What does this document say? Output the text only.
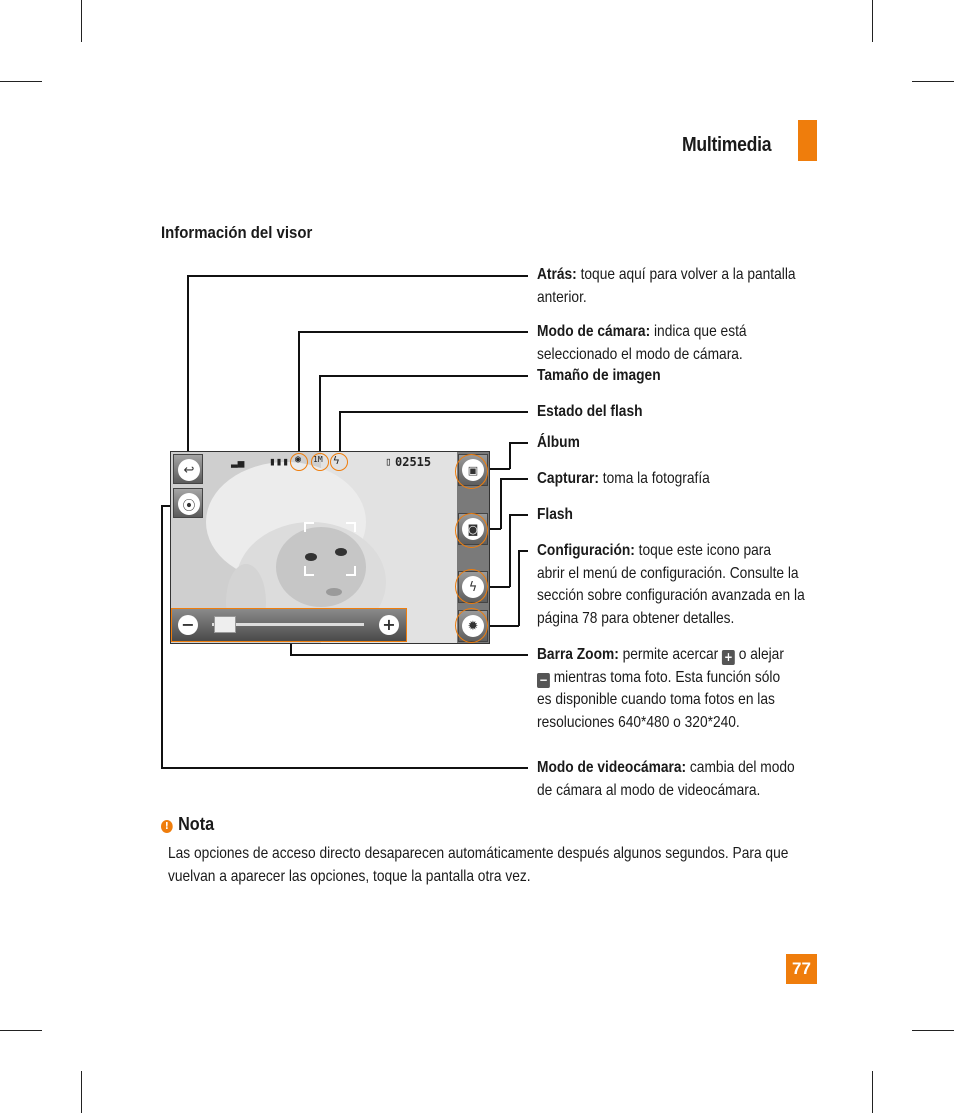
Multimedia
Información del visor
↩
⦿
▂▄ ▮▮▮ ◉ 1M ϟ	▯ 02515
▣
◙
ϟ
✹
−	+
Atrás: toque aquí para volver a la pantalla
anterior.
Modo de cámara: indica que está
seleccionado el modo de cámara.
Tamaño de imagen
Estado del flash
Álbum
Capturar: toma la fotografía
Flash
Configuración: toque este icono para
abrir el menú de configuración. Consulte la
sección sobre configuración avanzada en la
página 78 para obtener detalles.
Barra Zoom: permite acercar + o alejar
− mientras toma foto. Esta función sólo
es disponible cuando toma fotos en las
resoluciones 640*480 o 320*240.
Modo de videocámara: cambia del modo
de cámara al modo de videocámara.
! Nota
Las opciones de acceso directo desaparecen automáticamente después algunos segundos. Para que
vuelvan a aparecer las opciones, toque la pantalla otra vez.
77
